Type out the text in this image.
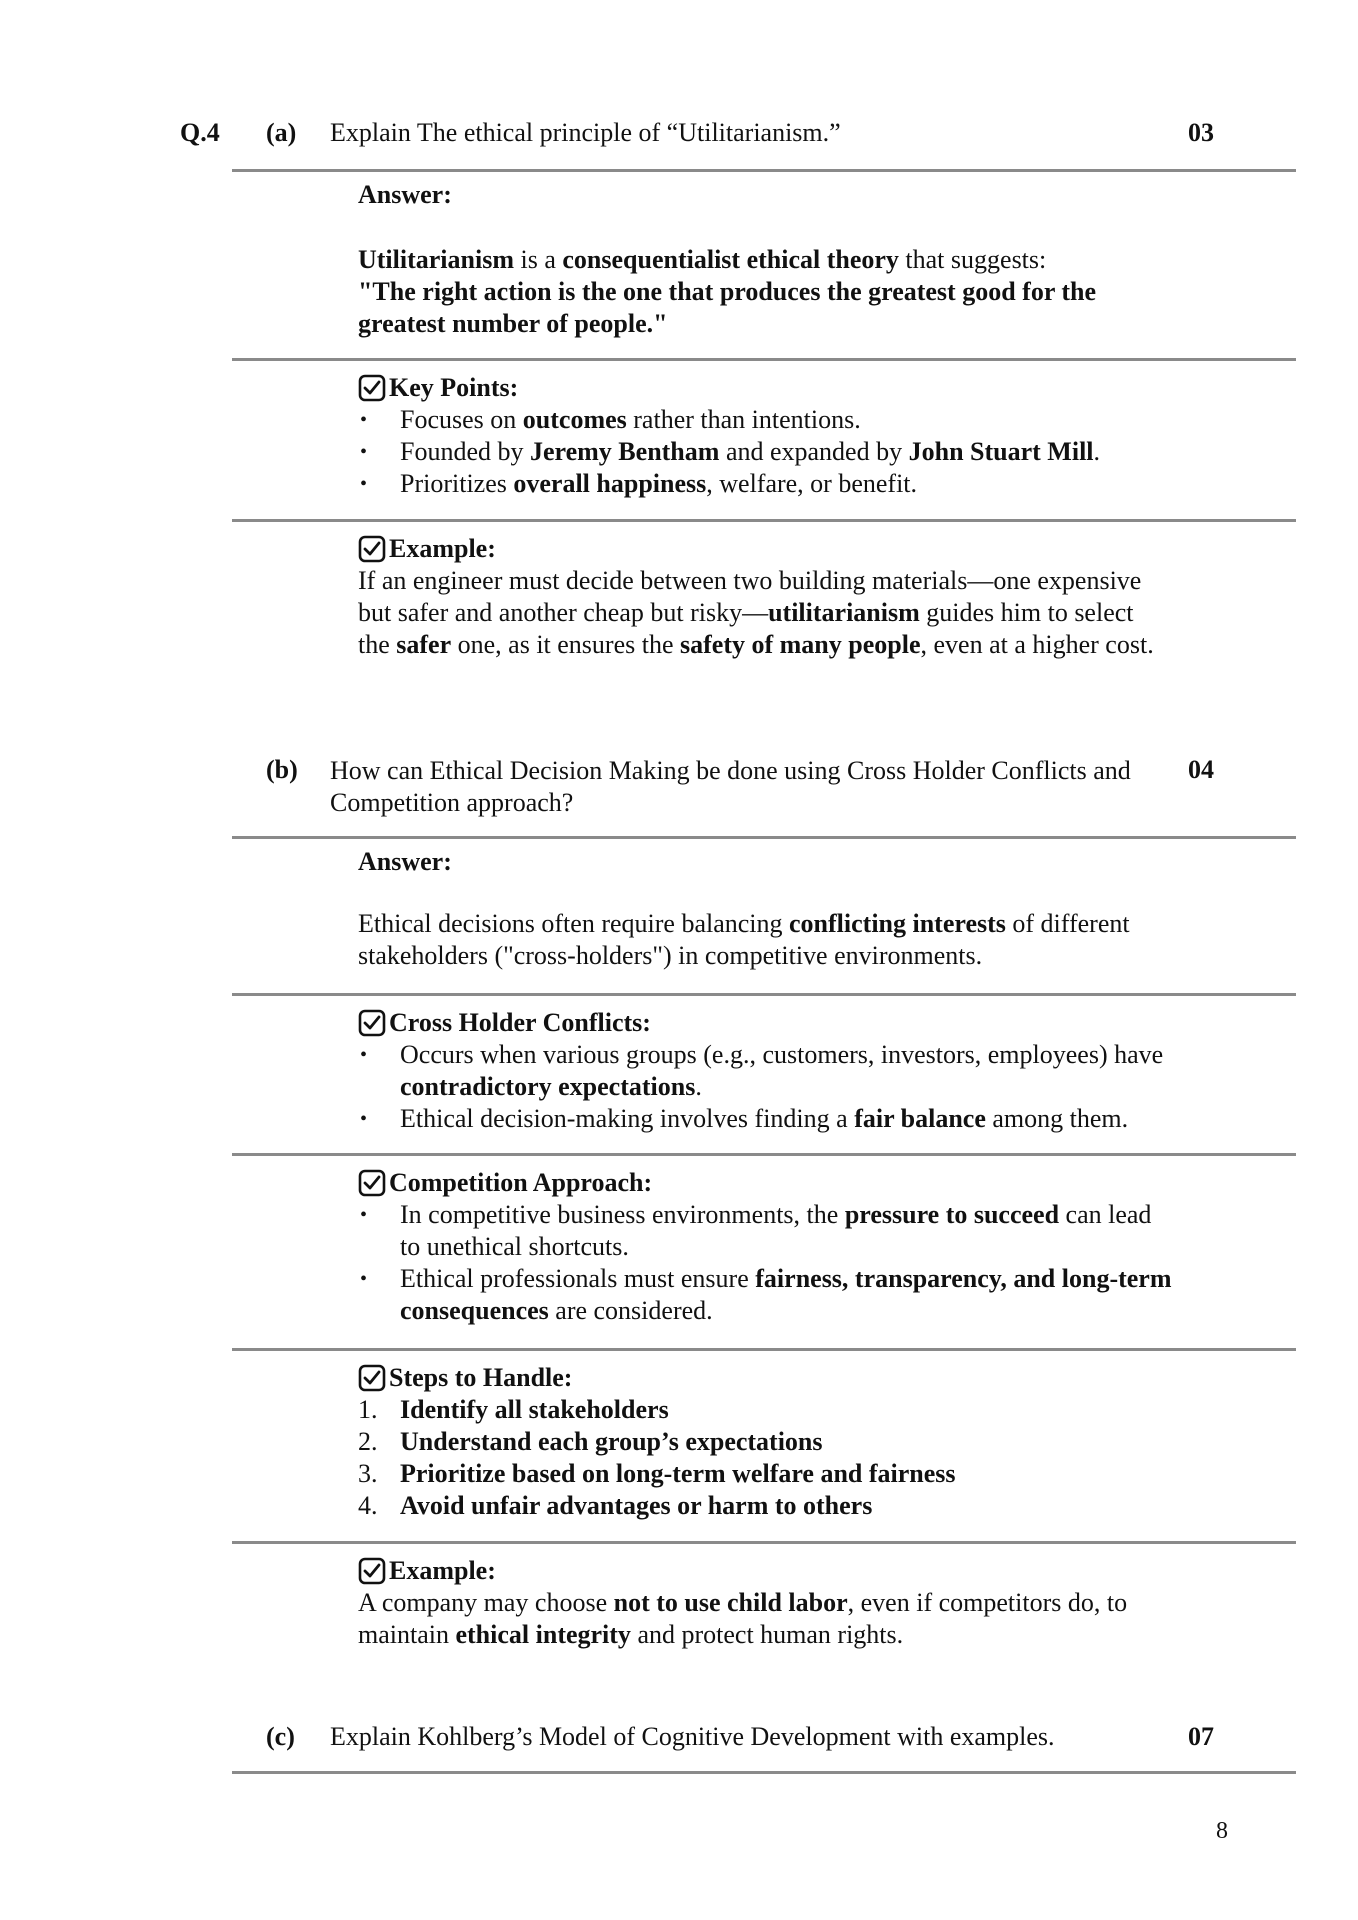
Q.4 (a) Explain The ethical principle of “Utilitarianism.”	03
Answer:
Utilitarianism is a consequentialist ethical theory that suggests:
"The right action is the one that produces the greatest good for the greatest number of people."
Key Points:
• Focuses on outcomes rather than intentions.
• Founded by Jeremy Bentham and expanded by John Stuart Mill.
• Prioritizes overall happiness, welfare, or benefit.
Example:
If an engineer must decide between two building materials—one expensive but safer and another cheap but risky—utilitarianism guides him to select the safer one, as it ensures the safety of many people, even at a higher cost.
(b) How can Ethical Decision Making be done using Cross Holder Conflicts and Competition approach?
04
Answer:
Ethical decisions often require balancing conflicting interests of different stakeholders ("cross-holders") in competitive environments.
Cross Holder Conflicts:
• Occurs when various groups (e.g., customers, investors, employees) have contradictory expectations.
• Ethical decision-making involves finding a fair balance among them.
Competition Approach:
• In competitive business environments, the pressure to succeed can lead to unethical shortcuts.
• Ethical professionals must ensure fairness, transparency, and long-term consequences are considered.
Steps to Handle:
1. Identify all stakeholders
2. Understand each group’s expectations
3. Prioritize based on long-term welfare and fairness
4. Avoid unfair advantages or harm to others
Example:
A company may choose not to use child labor, even if competitors do, to maintain ethical integrity and protect human rights.
(c) Explain Kohlberg’s Model of Cognitive Development with examples.	07
8
